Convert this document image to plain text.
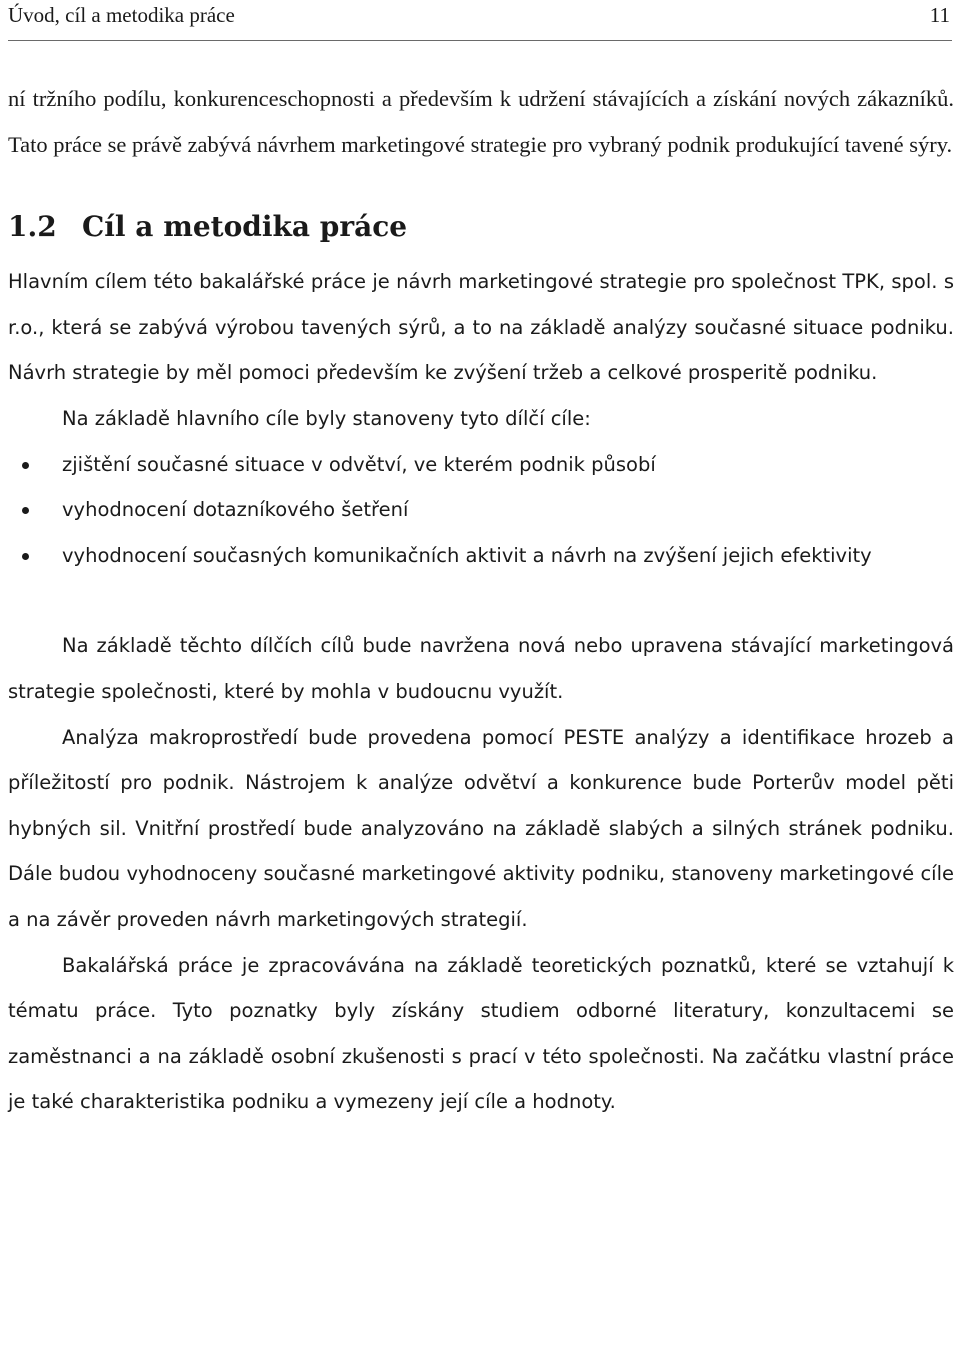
Úvod, cíl a metodika práce	11

ní tržního podílu, konkurenceschopnosti a především k udržení stávajících a získání nových zákazníků. Tato práce se právě zabývá návrhem marketingové strategie pro vybraný podnik produkující tavené sýry.

1.2 Cíl a metodika práce

Hlavním cílem této bakalářské práce je návrh marketingové strategie pro společnost TPK, spol. s r.o., která se zabývá výrobou tavených sýrů, a to na základě analýzy současné situace podniku. Návrh strategie by měl pomoci především ke zvýšení tržeb a celkové prosperitě podniku.

Na základě hlavního cíle byly stanoveny tyto dílčí cíle:

zjištění současné situace v odvětví, ve kterém podnik působí
vyhodnocení dotazníkového šetření
vyhodnocení současných komunikačních aktivit a návrh na zvýšení jejich efektivity

Na základě těchto dílčích cílů bude navržena nová nebo upravena stávající marketingová strategie společnosti, které by mohla v budoucnu využít.

Analýza makroprostředí bude provedena pomocí PESTE analýzy a identifikace hrozeb a příležitostí pro podnik. Nástrojem k analýze odvětví a konkurence bude Porterův model pěti hybných sil. Vnitřní prostředí bude analyzováno na základě slabých a silných stránek podniku. Dále budou vyhodnoceny současné marketingové aktivity podniku, stanoveny marketingové cíle a na závěr proveden návrh marketingových strategií.

Bakalářská práce je zpracovávána na základě teoretických poznatků, které se vztahují k tématu práce. Tyto poznatky byly získány studiem odborné literatury, konzultacemi se zaměstnanci a na základě osobní zkušenosti s prací v této společnosti. Na začátku vlastní práce je také charakteristika podniku a vymezeny její cíle a hodnoty.
